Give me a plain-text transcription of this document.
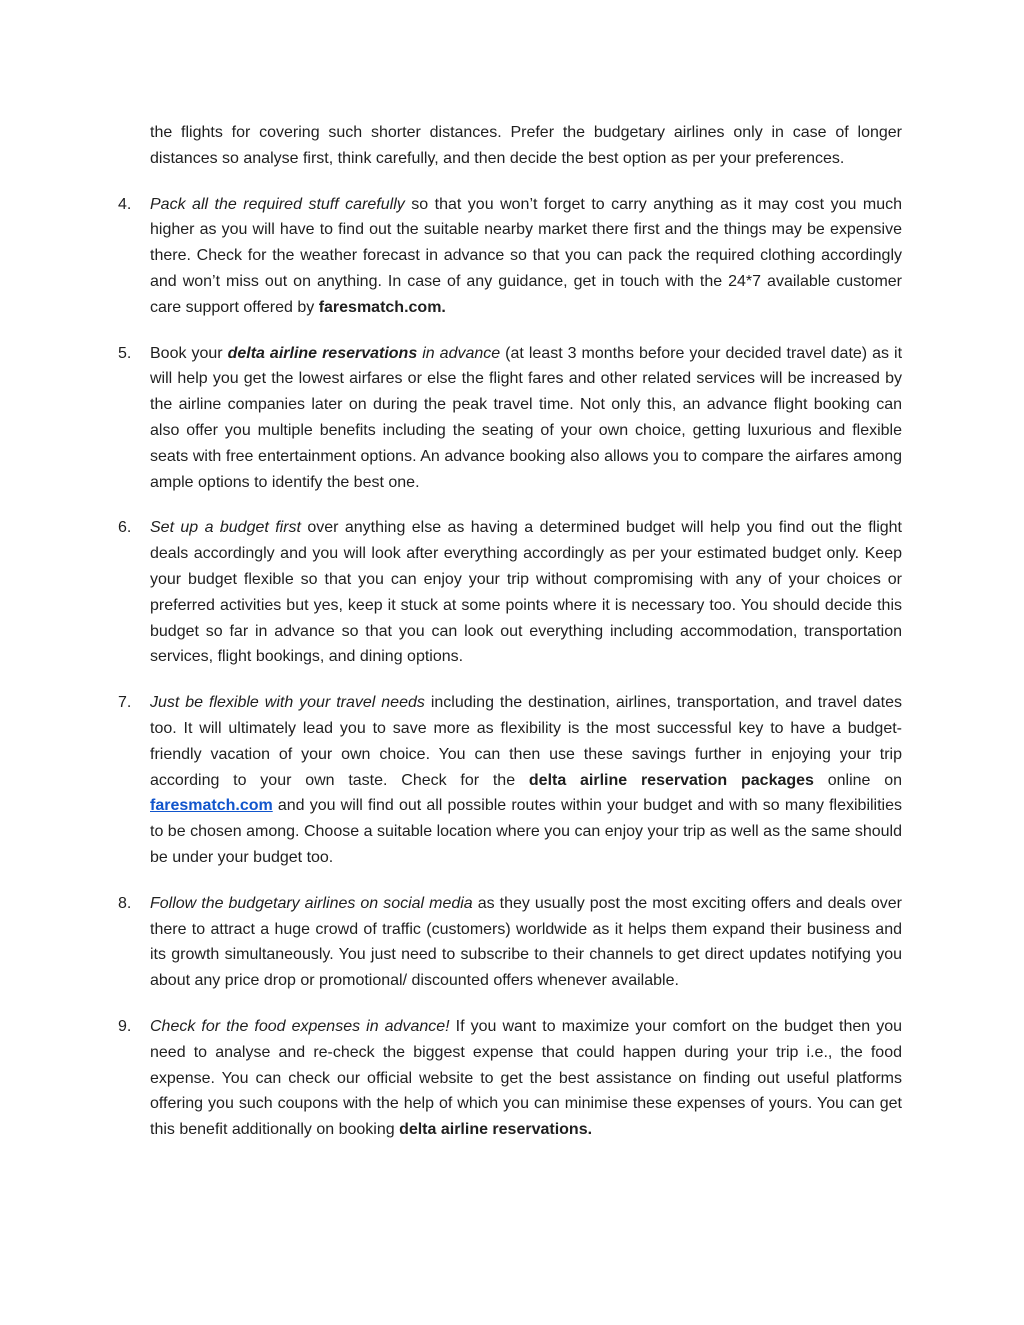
the flights for covering such shorter distances. Prefer the budgetary airlines only in case of longer distances so analyse first, think carefully, and then decide the best option as per your preferences.

4.	Pack all the required stuff carefully so that you won’t forget to carry anything as it may cost you much higher as you will have to find out the suitable nearby market there first and the things may be expensive there. Check for the weather forecast in advance so that you can pack the required clothing accordingly and won’t miss out on anything. In case of any guidance, get in touch with the 24*7 available customer care support offered by faresmatch.com.
5.	Book your delta airline reservations in advance (at least 3 months before your decided travel date) as it will help you get the lowest airfares or else the flight fares and other related services will be increased by the airline companies later on during the peak travel time. Not only this, an advance flight booking can also offer you multiple benefits including the seating of your own choice, getting luxurious and flexible seats with free entertainment options. An advance booking also allows you to compare the airfares among ample options to identify the best one.
6.	Set up a budget first over anything else as having a determined budget will help you find out the flight deals accordingly and you will look after everything accordingly as per your estimated budget only. Keep your budget flexible so that you can enjoy your trip without compromising with any of your choices or preferred activities but yes, keep it stuck at some points where it is necessary too. You should decide this budget so far in advance so that you can look out everything including accommodation, transportation services, flight bookings, and dining options.
7.	Just be flexible with your travel needs including the destination, airlines, transportation, and travel dates too. It will ultimately lead you to save more as flexibility is the most successful key to have a budget-friendly vacation of your own choice. You can then use these savings further in enjoying your trip according to your own taste. Check for the delta airline reservation packages online on faresmatch.com and you will find out all possible routes within your budget and with so many flexibilities to be chosen among. Choose a suitable location where you can enjoy your trip as well as the same should be under your budget too.
8.	Follow the budgetary airlines on social media as they usually post the most exciting offers and deals over there to attract a huge crowd of traffic (customers) worldwide as it helps them expand their business and its growth simultaneously. You just need to subscribe to their channels to get direct updates notifying you about any price drop or promotional/ discounted offers whenever available.
9.	Check for the food expenses in advance! If you want to maximize your comfort on the budget then you need to analyse and re-check the biggest expense that could happen during your trip i.e., the food expense. You can check our official website to get the best assistance on finding out useful platforms offering you such coupons with the help of which you can minimise these expenses of yours. You can get this benefit additionally on booking delta airline reservations.
